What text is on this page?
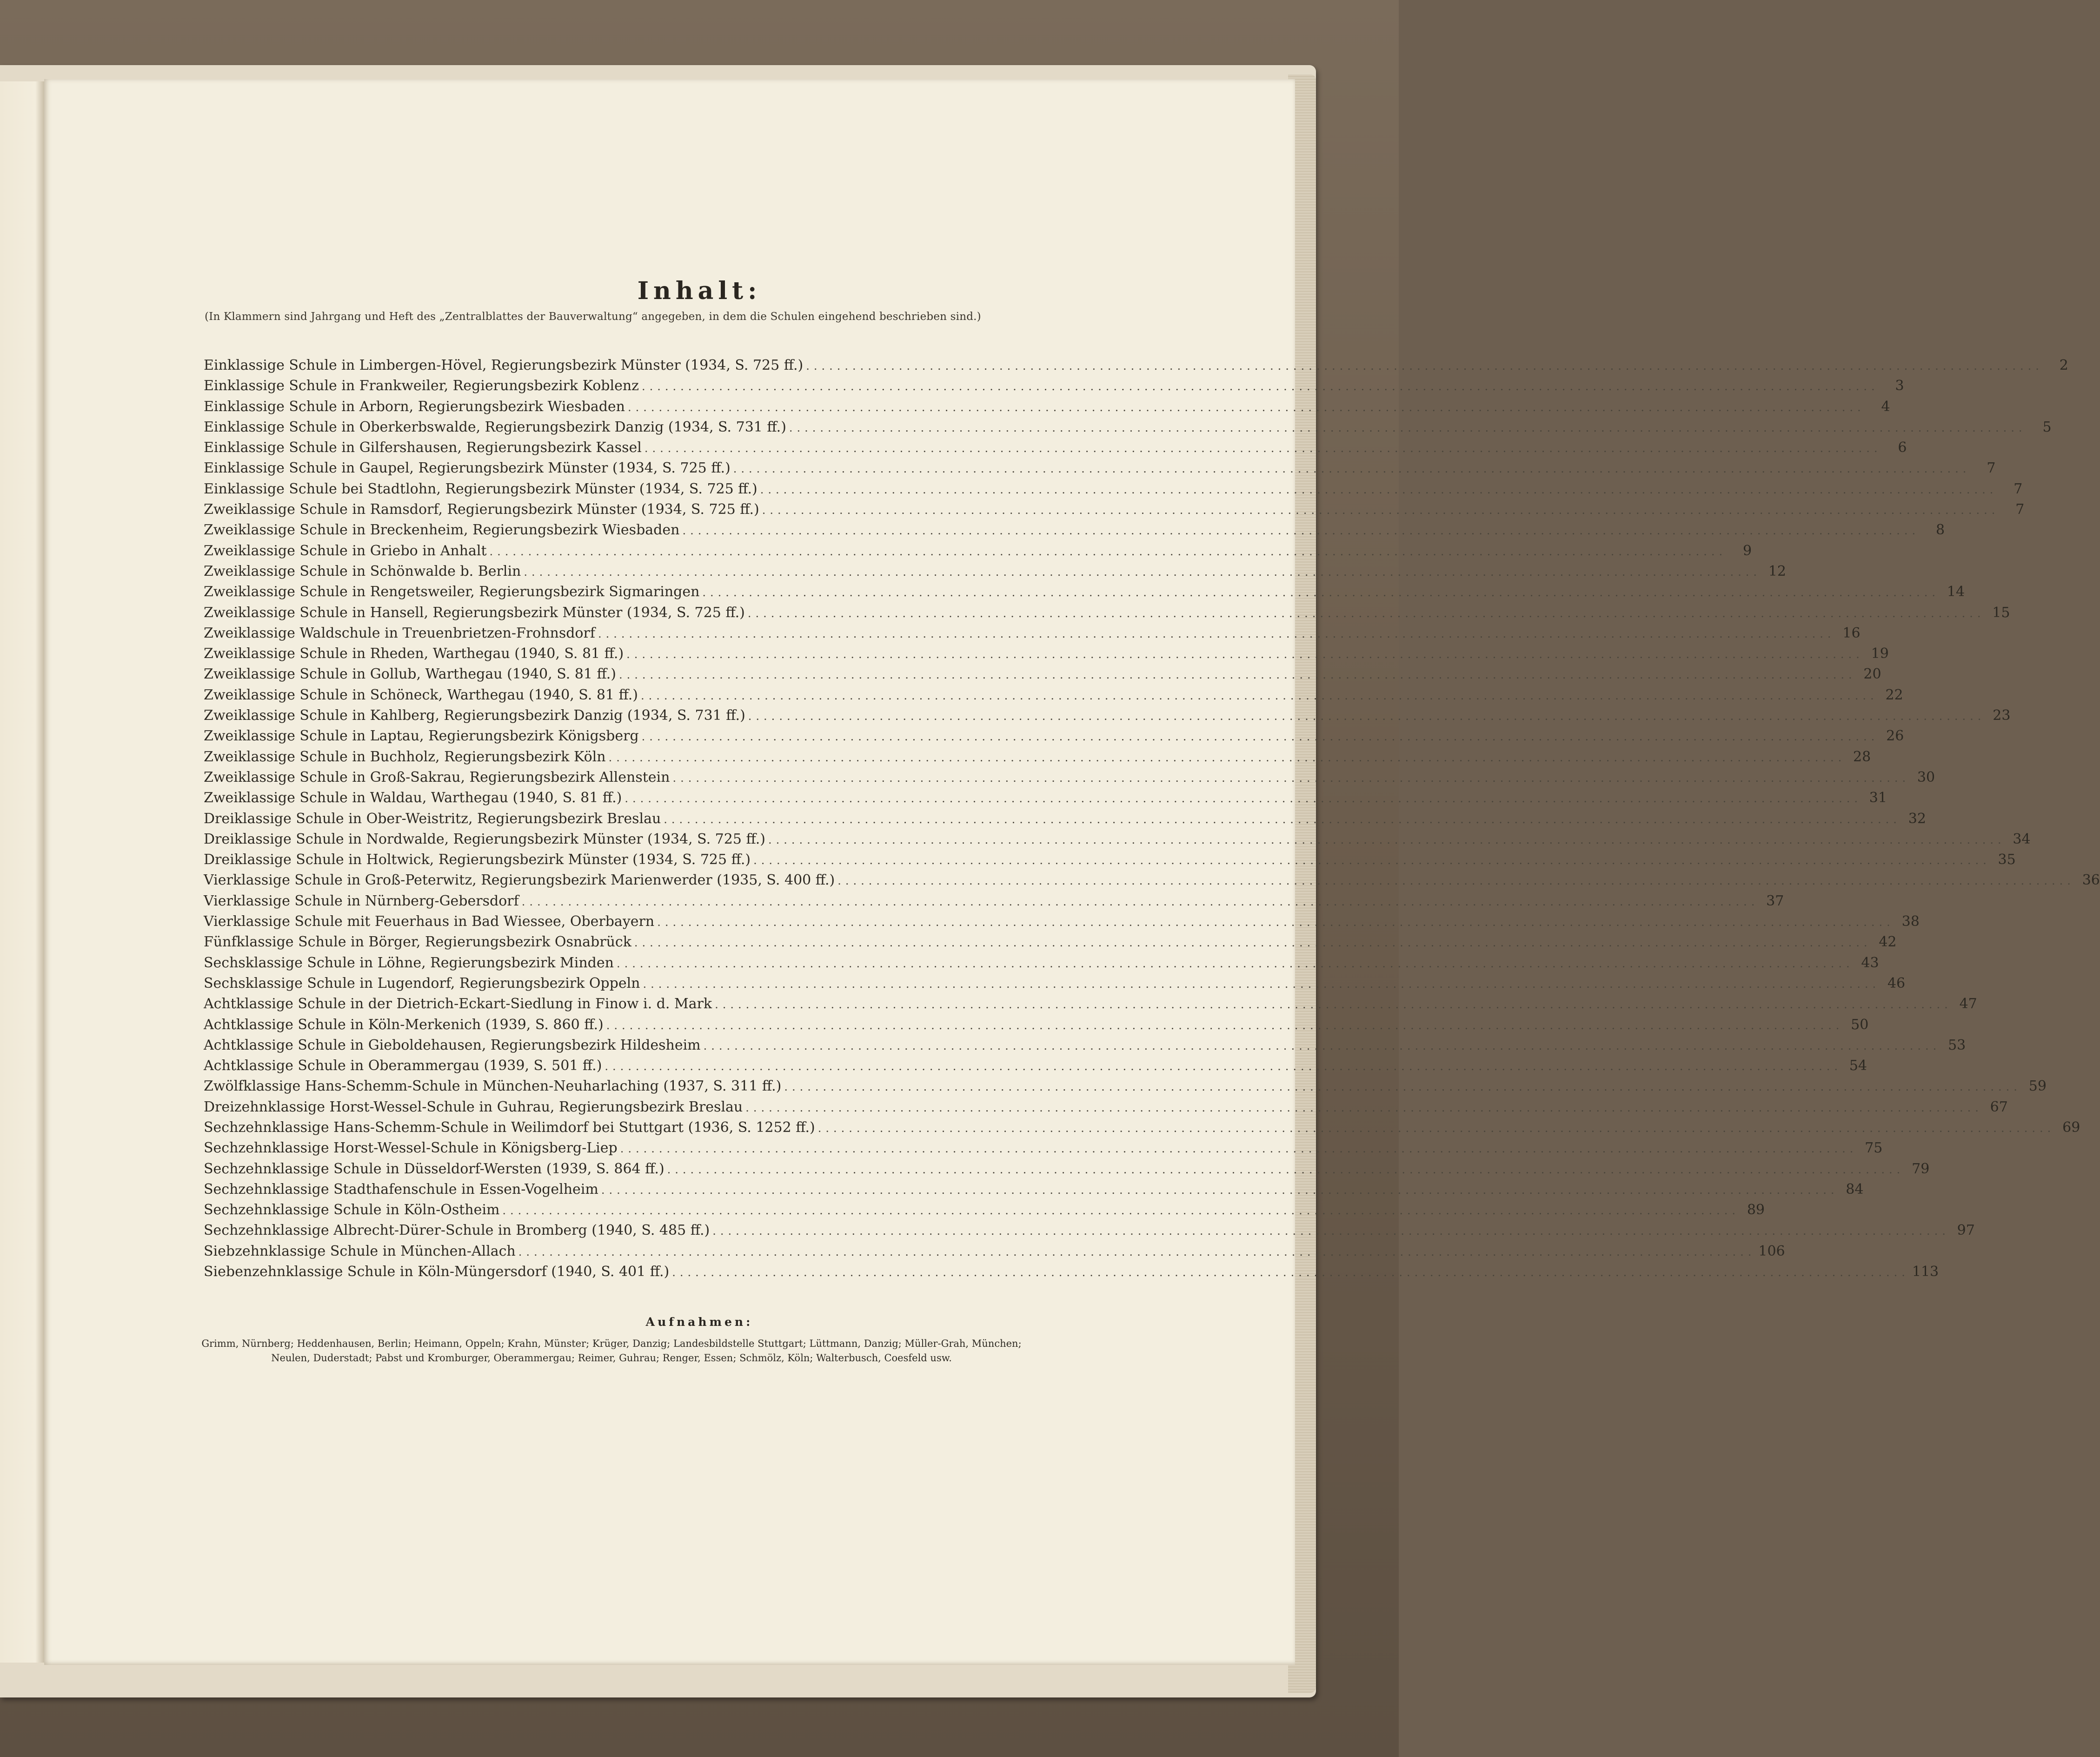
Inhalt:
(In Klammern sind Jahrgang und Heft des „Zentralblattes der Bauverwaltung“ angegeben, in dem die Schulen eingehend beschrieben sind.)
Einklassige Schule in Limbergen-Hövel, Regierungsbezirk Münster (1934, S. 725 ff.) ................................................................................................................................................................	2
Einklassige Schule in Frankweiler, Regierungsbezirk Koblenz ................................................................................................................................................................	3
Einklassige Schule in Arborn, Regierungsbezirk Wiesbaden ................................................................................................................................................................	4
Einklassige Schule in Oberkerbswalde, Regierungsbezirk Danzig (1934, S. 731 ff.) ................................................................................................................................................................	5
Einklassige Schule in Gilfershausen, Regierungsbezirk Kassel ................................................................................................................................................................	6
Einklassige Schule in Gaupel, Regierungsbezirk Münster (1934, S. 725 ff.) ................................................................................................................................................................	7
Einklassige Schule bei Stadtlohn, Regierungsbezirk Münster (1934, S. 725 ff.) ................................................................................................................................................................	7
Zweiklassige Schule in Ramsdorf, Regierungsbezirk Münster (1934, S. 725 ff.) ................................................................................................................................................................	7
Zweiklassige Schule in Breckenheim, Regierungsbezirk Wiesbaden ................................................................................................................................................................	8
Zweiklassige Schule in Griebo in Anhalt ................................................................................................................................................................	9
Zweiklassige Schule in Schönwalde b. Berlin ................................................................................................................................................................ 12
Zweiklassige Schule in Rengetsweiler, Regierungsbezirk Sigmaringen ................................................................................................................................................................ 14
Zweiklassige Schule in Hansell, Regierungsbezirk Münster (1934, S. 725 ff.) ................................................................................................................................................................ 15
Zweiklassige Waldschule in Treuenbrietzen-Frohnsdorf ................................................................................................................................................................ 16
Zweiklassige Schule in Rheden, Warthegau (1940, S. 81 ff.) ................................................................................................................................................................ 19
Zweiklassige Schule in Gollub, Warthegau (1940, S. 81 ff.) ................................................................................................................................................................ 20
Zweiklassige Schule in Schöneck, Warthegau (1940, S. 81 ff.) ................................................................................................................................................................ 22
Zweiklassige Schule in Kahlberg, Regierungsbezirk Danzig (1934, S. 731 ff.) ................................................................................................................................................................ 23
Zweiklassige Schule in Laptau, Regierungsbezirk Königsberg ................................................................................................................................................................ 26
Zweiklassige Schule in Buchholz, Regierungsbezirk Köln ................................................................................................................................................................ 28
Zweiklassige Schule in Groß-Sakrau, Regierungsbezirk Allenstein ................................................................................................................................................................ 30
Zweiklassige Schule in Waldau, Warthegau (1940, S. 81 ff.) ................................................................................................................................................................ 31
Dreiklassige Schule in Ober-Weistritz, Regierungsbezirk Breslau ................................................................................................................................................................ 32
Dreiklassige Schule in Nordwalde, Regierungsbezirk Münster (1934, S. 725 ff.) ................................................................................................................................................................ 34
Dreiklassige Schule in Holtwick, Regierungsbezirk Münster (1934, S. 725 ff.) ................................................................................................................................................................ 35
Vierklassige Schule in Groß-Peterwitz, Regierungsbezirk Marienwerder (1935, S. 400 ff.) ................................................................................................................................................................ 36
Vierklassige Schule in Nürnberg-Gebersdorf ................................................................................................................................................................ 37
Vierklassige Schule mit Feuerhaus in Bad Wiessee, Oberbayern ................................................................................................................................................................ 38
Fünfklassige Schule in Börger, Regierungsbezirk Osnabrück ................................................................................................................................................................ 42
Sechsklassige Schule in Löhne, Regierungsbezirk Minden ................................................................................................................................................................ 43
Sechsklassige Schule in Lugendorf, Regierungsbezirk Oppeln ................................................................................................................................................................ 46
Achtklassige Schule in der Dietrich-Eckart-Siedlung in Finow i. d. Mark ................................................................................................................................................................ 47
Achtklassige Schule in Köln-Merkenich (1939, S. 860 ff.) ................................................................................................................................................................ 50
Achtklassige Schule in Gieboldehausen, Regierungsbezirk Hildesheim ................................................................................................................................................................ 53
Achtklassige Schule in Oberammergau (1939, S. 501 ff.) ................................................................................................................................................................ 54
Zwölfklassige Hans-Schemm-Schule in München-Neuharlaching (1937, S. 311 ff.) ................................................................................................................................................................ 59
Dreizehnklassige Horst-Wessel-Schule in Guhrau, Regierungsbezirk Breslau ................................................................................................................................................................ 67
Sechzehnklassige Hans-Schemm-Schule in Weilimdorf bei Stuttgart (1936, S. 1252 ff.) ................................................................................................................................................................ 69
Sechzehnklassige Horst-Wessel-Schule in Königsberg-Liep ................................................................................................................................................................ 75
Sechzehnklassige Schule in Düsseldorf-Wersten (1939, S. 864 ff.) ................................................................................................................................................................ 79
Sechzehnklassige Stadthafenschule in Essen-Vogelheim ................................................................................................................................................................ 84
Sechzehnklassige Schule in Köln-Ostheim ................................................................................................................................................................ 89
Sechzehnklassige Albrecht-Dürer-Schule in Bromberg (1940, S. 485 ff.) ................................................................................................................................................................ 97
Siebzehnklassige Schule in München-Allach ................................................................................................................................................................ 106
Siebenzehnklassige Schule in Köln-Müngersdorf (1940, S. 401 ff.) ................................................................................................................................................................ 113
Aufnahmen:
Grimm, Nürnberg; Heddenhausen, Berlin; Heimann, Oppeln; Krahn, Münster; Krüger, Danzig; Landesbildstelle Stuttgart; Lüttmann, Danzig; Müller-Grah, München; Neulen, Duderstadt; Pabst und Kromburger, Oberammergau; Reimer, Guhrau; Renger, Essen; Schmölz, Köln; Walterbusch, Coesfeld usw.
